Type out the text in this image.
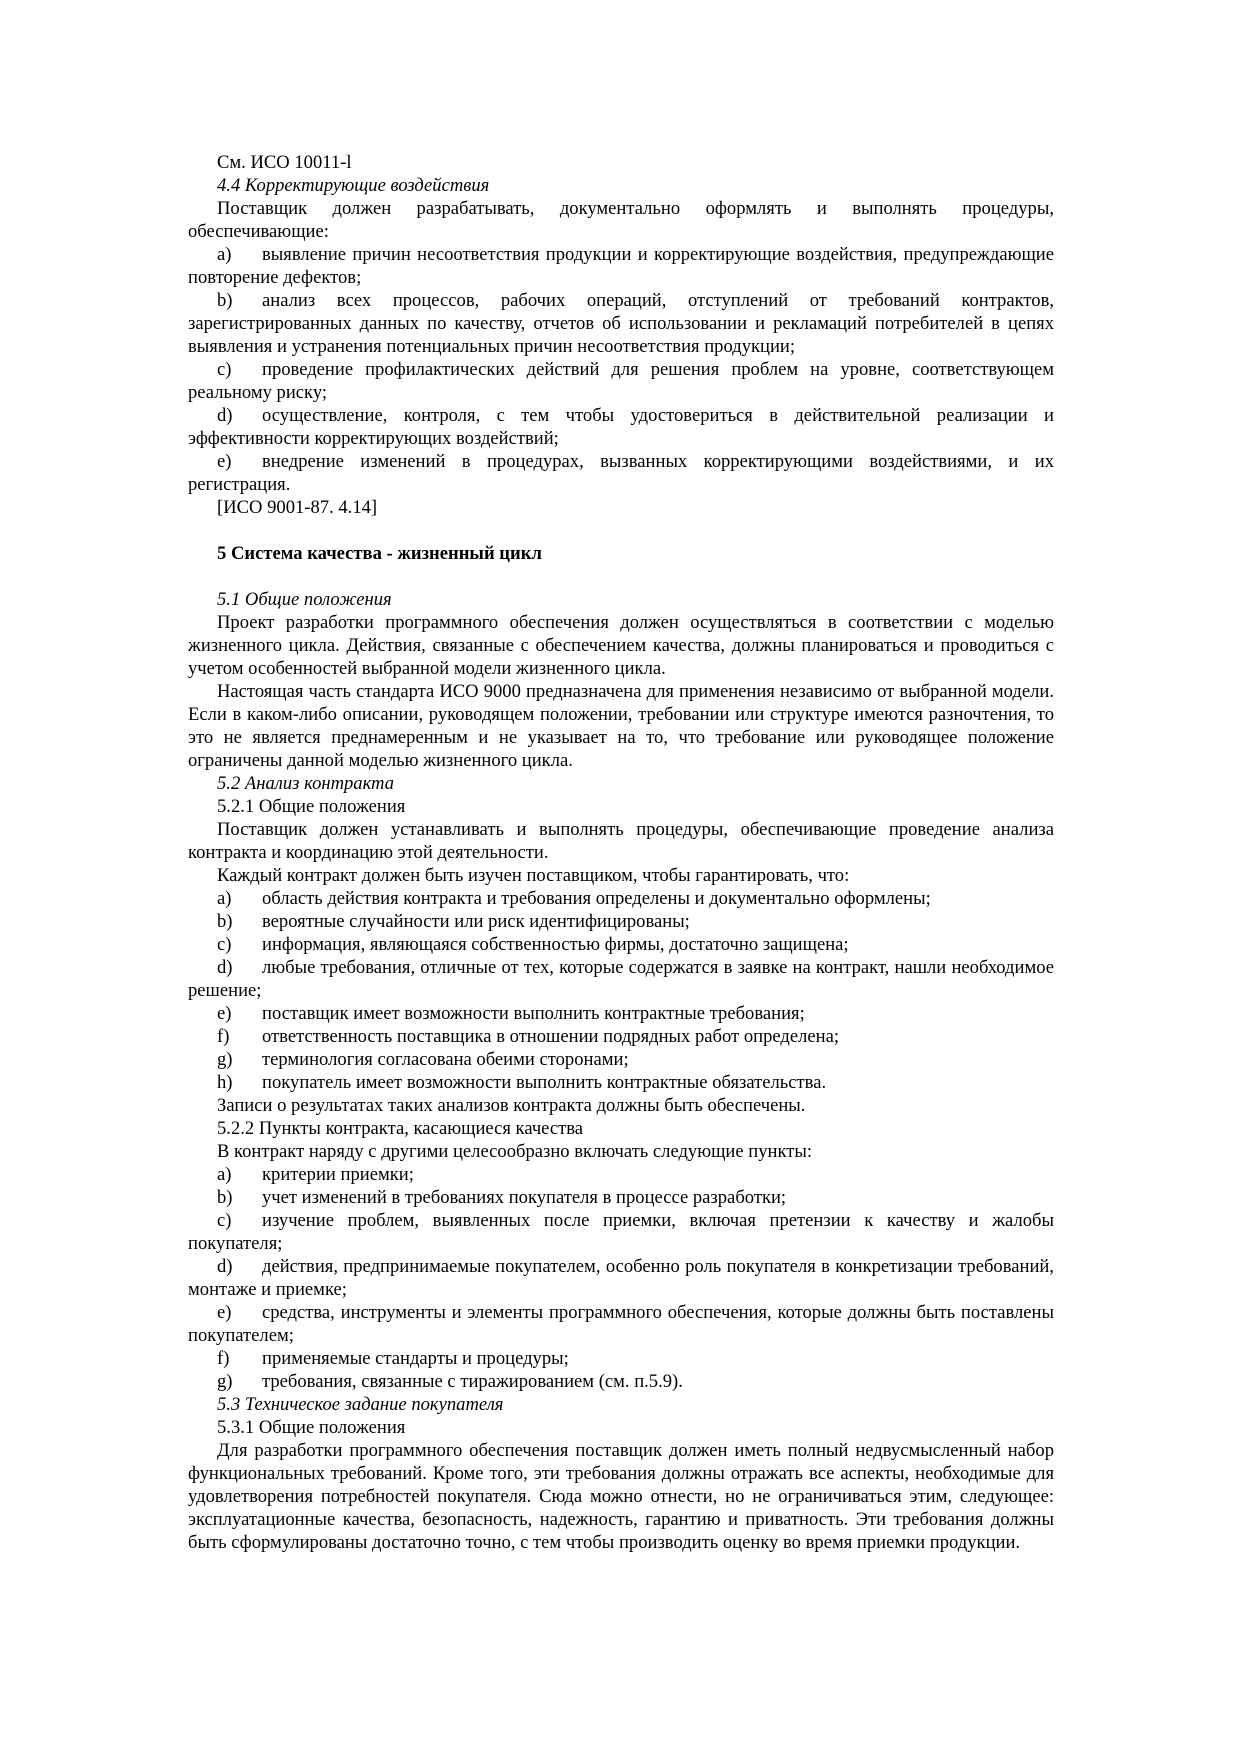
См. ИСО 10011-l

4.4 Корректирующие воздействия

Поставщик должен разрабатывать, документально оформлять и выполнять процедуры, обеспечивающие:

a) выявление причин несоответствия продукции и корректирующие воздействия, предупреждающие повторение дефектов;

b) анализ всех процессов, рабочих операций, отступлений от требований контрактов, зарегистрированных данных по качеству, отчетов об использовании и рекламаций потребителей в цепях выявления и устранения потенциальных причин несоответствия продукции;

c) проведение профилактических действий для решения проблем на уровне, соответствующем реальному риску;

d) осуществление, контроля, с тем чтобы удостовериться в действительной реализации и эффективности корректирующих воздействий;

e) внедрение изменений в процедурах, вызванных корректирующими воздействиями, и их регистрация.

[ИСО 9001-87. 4.14]

5 Система качества - жизненный цикл

5.1 Общие положения

Проект разработки программного обеспечения должен осуществляться в соответствии с моделью жизненного цикла. Действия, связанные с обеспечением качества, должны планироваться и проводиться с учетом особенностей выбранной модели жизненного цикла.

Настоящая часть стандарта ИСО 9000 предназначена для применения независимо от выбранной модели. Если в каком-либо описании, руководящем положении, требовании или структуре имеются разночтения, то это не является преднамеренным и не указывает на то, что требование или руководящее положение ограничены данной моделью жизненного цикла.

5.2 Анализ контракта

5.2.1 Общие положения

Поставщик должен устанавливать и выполнять процедуры, обеспечивающие проведение анализа контракта и координацию этой деятельности.

Каждый контракт должен быть изучен поставщиком, чтобы гарантировать, что:

a) область действия контракта и требования определены и документально оформлены;

b) вероятные случайности или риск идентифицированы;

c) информация, являющаяся собственностью фирмы, достаточно защищена;

d) любые требования, отличные от тех, которые содержатся в заявке на контракт, нашли необходимое решение;

e) поставщик имеет возможности выполнить контрактные требования;

f) ответственность поставщика в отношении подрядных работ определена;

g) терминология согласована обеими сторонами;

h) покупатель имеет возможности выполнить контрактные обязательства.

Записи о результатах таких анализов контракта должны быть обеспечены.

5.2.2 Пункты контракта, касающиеся качества

В контракт наряду с другими целесообразно включать следующие пункты:

a) критерии приемки;

b) учет изменений в требованиях покупателя в процессе разработки;

c) изучение проблем, выявленных после приемки, включая претензии к качеству и жалобы покупателя;

d) действия, предпринимаемые покупателем, особенно роль покупателя в конкретизации требований, монтаже и приемке;

e) средства, инструменты и элементы программного обеспечения, которые должны быть поставлены покупателем;

f) применяемые стандарты и процедуры;

g) требования, связанные с тиражированием (см. п.5.9).

5.3 Техническое задание покупателя

5.3.1 Общие положения

Для разработки программного обеспечения поставщик должен иметь полный недвусмысленный набор функциональных требований. Кроме того, эти требования должны отражать все аспекты, необходимые для удовлетворения потребностей покупателя. Сюда можно отнести, но не ограничиваться этим, следующее: эксплуатационные качества, безопасность, надежность, гарантию и приватность. Эти требования должны быть сформулированы достаточно точно, с тем чтобы производить оценку во время приемки продукции.
